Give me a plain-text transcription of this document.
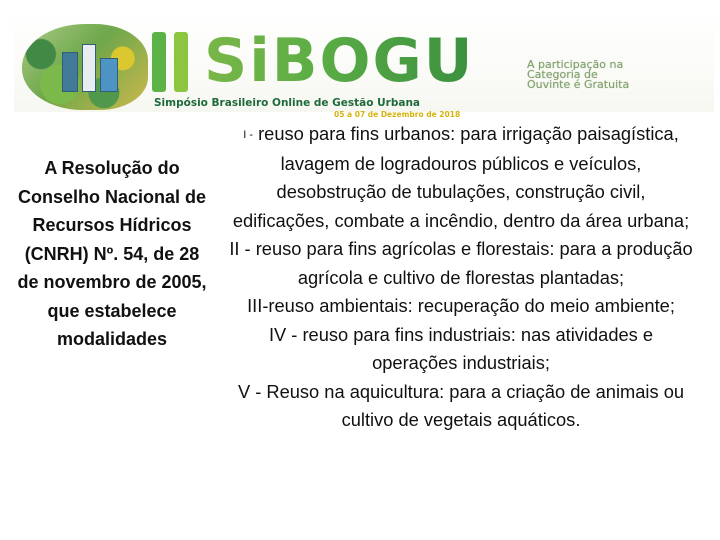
SiBOGU
Simpósio Brasileiro Online de Gestão Urbana
05 a 07 de Dezembro de 2018
A participação na
Categoria de
Ouvinte é Gratuita
A Resolução do Conselho Nacional de Recursos Hídricos (CNRH) Nº. 54, de 28 de novembro de 2005, que estabelece modalidades

I - reuso para fins urbanos: para irrigação paisagística, lavagem de logradouros públicos e veículos, desobstrução de tubulações, construção civil, edificações, combate a incêndio, dentro da área urbana;

II - reuso para fins agrícolas e florestais: para a produção agrícola e cultivo de florestas plantadas;

III-reuso ambientais: recuperação do meio ambiente;

IV - reuso para fins industriais: nas atividades e operações industriais;

V - Reuso na aquicultura: para a criação de animais ou cultivo de vegetais aquáticos.
